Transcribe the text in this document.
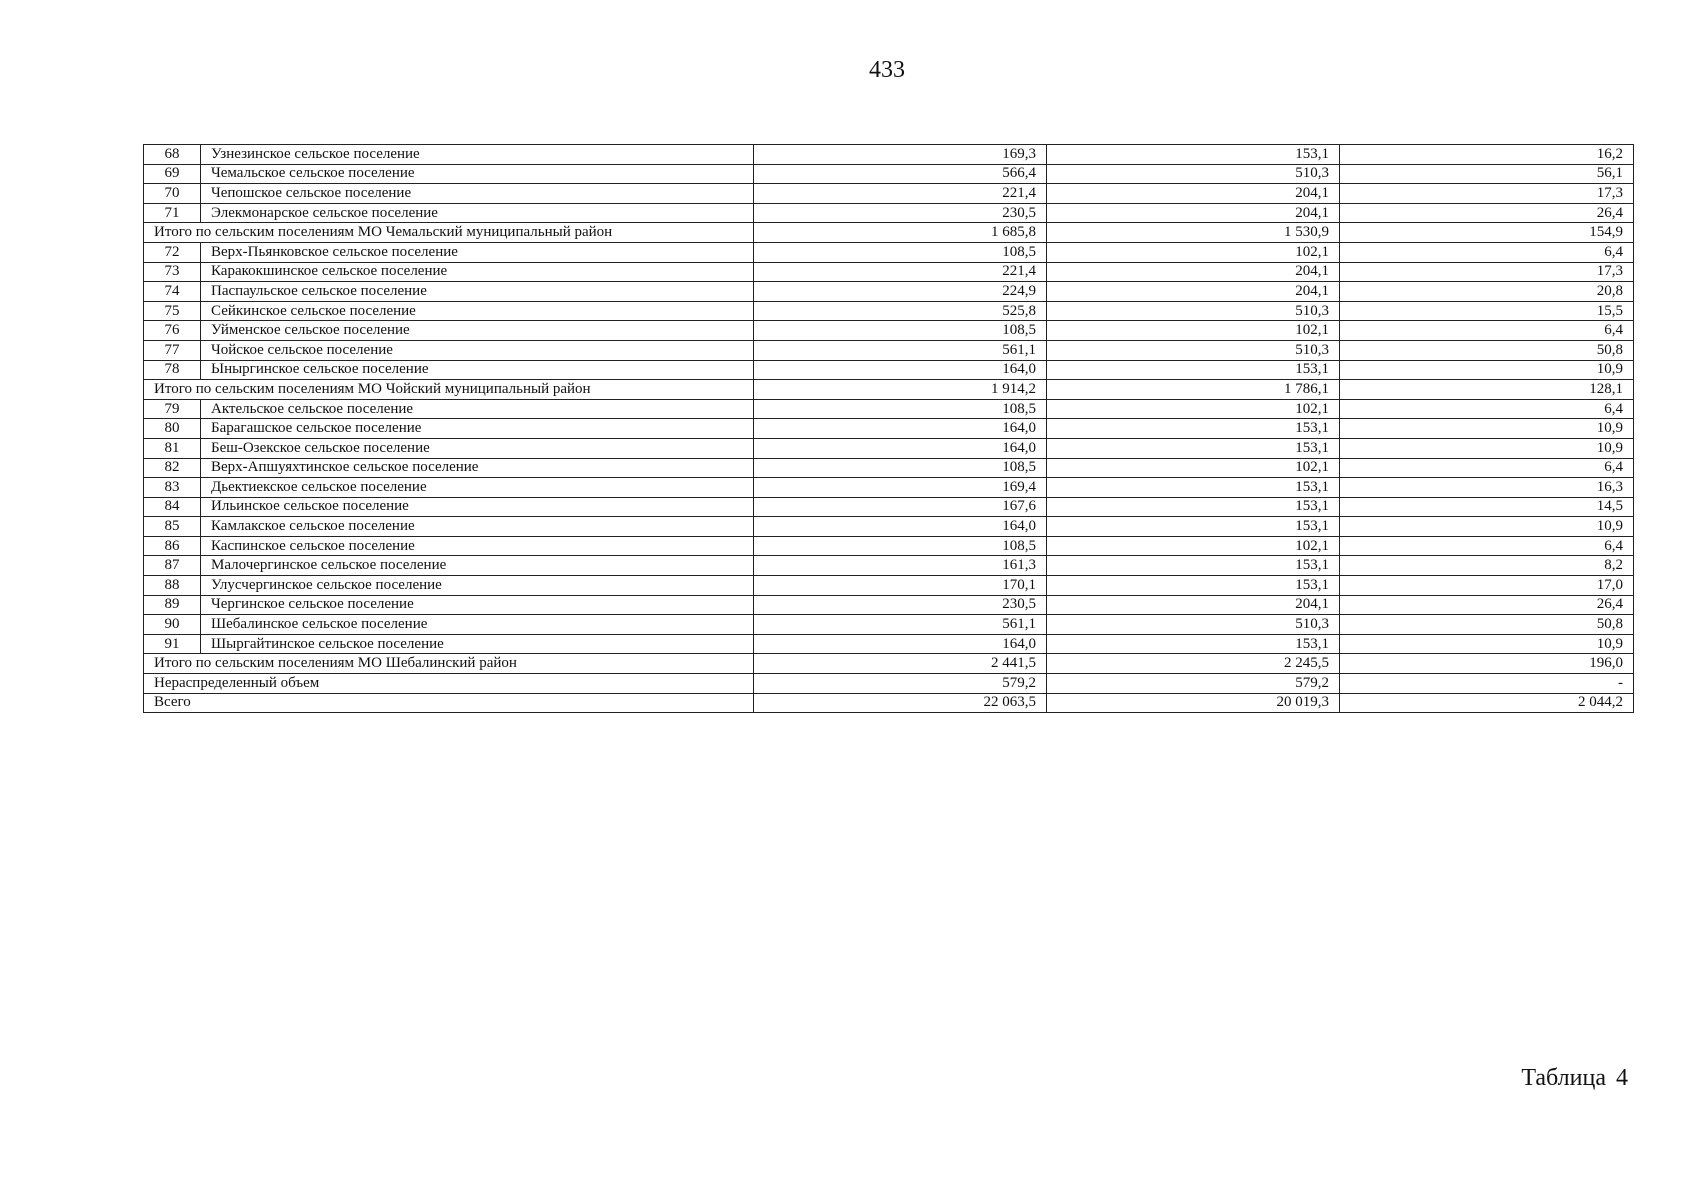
433
68	Узнезинское сельское поселение	169,3	153,1	16,2
69	Чемальское сельское поселение	566,4	510,3	56,1
70	Чепошское сельское поселение	221,4	204,1	17,3
71	Элекмонарское сельское поселение	230,5	204,1	26,4
Итого по сельским поселениям МО Чемальский муниципальный район		1 685,8	1 530,9	154,9
72	Верх-Пьянковское сельское поселение	108,5	102,1	6,4
73	Каракокшинское сельское поселение	221,4	204,1	17,3
74	Паспаульское сельское поселение	224,9	204,1	20,8
75	Сейкинское сельское поселение	525,8	510,3	15,5
76	Уйменское сельское поселение	108,5	102,1	6,4
77	Чойское сельское поселение	561,1	510,3	50,8
78	Ыныргинское сельское поселение	164,0	153,1	10,9
Итого по сельским поселениям МО Чойский муниципальный район		1 914,2	1 786,1	128,1
79	Актельское сельское поселение	108,5	102,1	6,4
80	Барагашское сельское поселение	164,0	153,1	10,9
81	Беш-Озекское сельское поселение	164,0	153,1	10,9
82	Верх-Апшуяхтинское сельское поселение	108,5	102,1	6,4
83	Дьектиекское сельское поселение	169,4	153,1	16,3
84	Ильинское сельское поселение	167,6	153,1	14,5
85	Камлакское сельское поселение	164,0	153,1	10,9
86	Каспинское сельское поселение	108,5	102,1	6,4
87	Малочергинское сельское поселение	161,3	153,1	8,2
88	Улусчергинское сельское поселение	170,1	153,1	17,0
89	Чергинское сельское поселение	230,5	204,1	26,4
90	Шебалинское сельское поселение	561,1	510,3	50,8
91	Шыргайтинское сельское поселение	164,0	153,1	10,9
Итого по сельским поселениям МО Шебалинский район		2 441,5	2 245,5	196,0
Нераспределенный объем		579,2	579,2	-
Всего		22 063,5	20 019,3	2 044,2
Таблица 4
